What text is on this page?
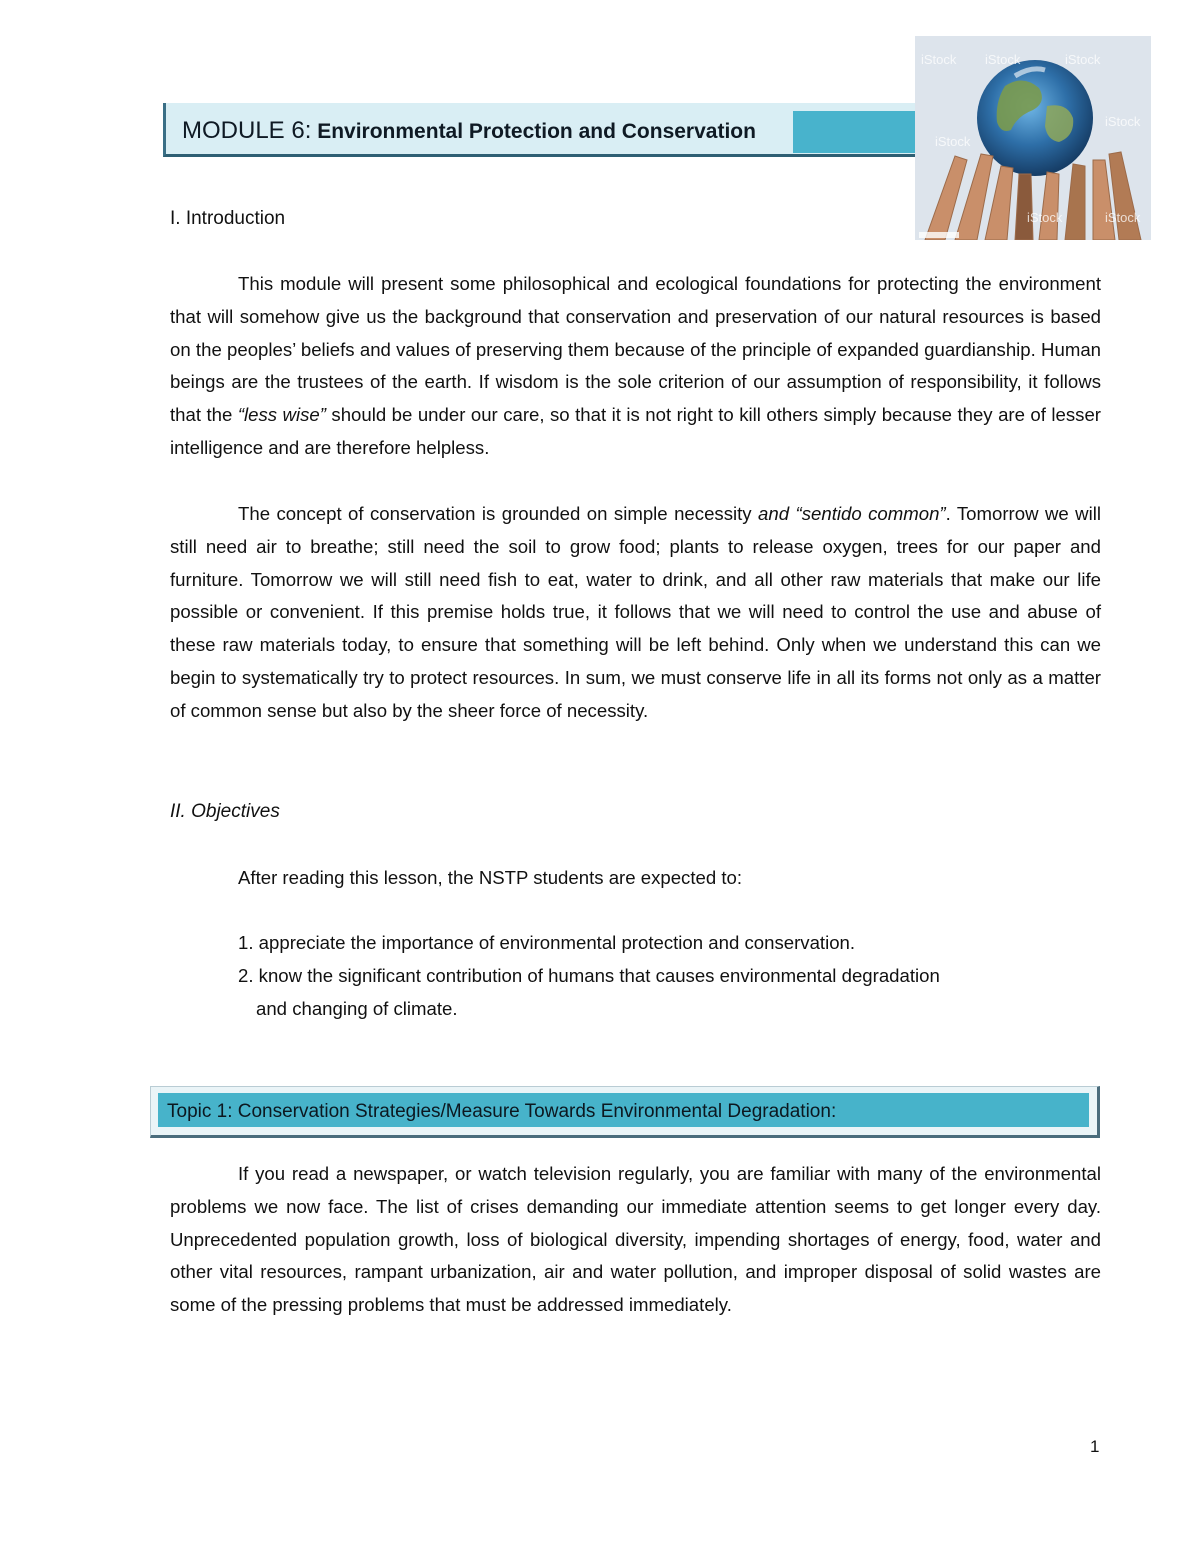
MODULE 6: Environmental Protection and Conservation
iStock iStock	iStock
iStock
iStock
iStock	iStock
I. Introduction

This module will present some philosophical and ecological foundations for protecting the environment that will somehow give us the background that conservation and preservation of our natural resources is based on the peoples’ beliefs and values of preserving them because of the principle of expanded guardianship. Human beings are the trustees of the earth. If wisdom is the sole criterion of our assumption of responsibility, it follows that the “less wise” should be under our care, so that it is not right to kill others simply because they are of lesser intelligence and are therefore helpless.

The concept of conservation is grounded on simple necessity and “sentido common”. Tomorrow we will still need air to breathe; still need the soil to grow food; plants to release oxygen, trees for our paper and furniture. Tomorrow we will still need fish to eat, water to drink, and all other raw materials that make our life possible or convenient. If this premise holds true, it follows that we will need to control the use and abuse of these raw materials today, to ensure that something will be left behind. Only when we understand this can we begin to systematically try to protect resources. In sum, we must conserve life in all its forms not only as a matter of common sense but also by the sheer force of necessity.

II. Objectives
After reading this lesson, the NSTP students are expected to:
1. appreciate the importance of environmental protection and conservation.
2. know the significant contribution of humans that causes environmental degradation
and changing of climate.
Topic 1: Conservation Strategies/Measure Towards Environmental Degradation:

If you read a newspaper, or watch television regularly, you are familiar with many of the environmental problems we now face. The list of crises demanding our immediate attention seems to get longer every day. Unprecedented population growth, loss of biological diversity, impending shortages of energy, food, water and other vital resources, rampant urbanization, air and water pollution, and improper disposal of solid wastes are some of the pressing problems that must be addressed immediately.

1
